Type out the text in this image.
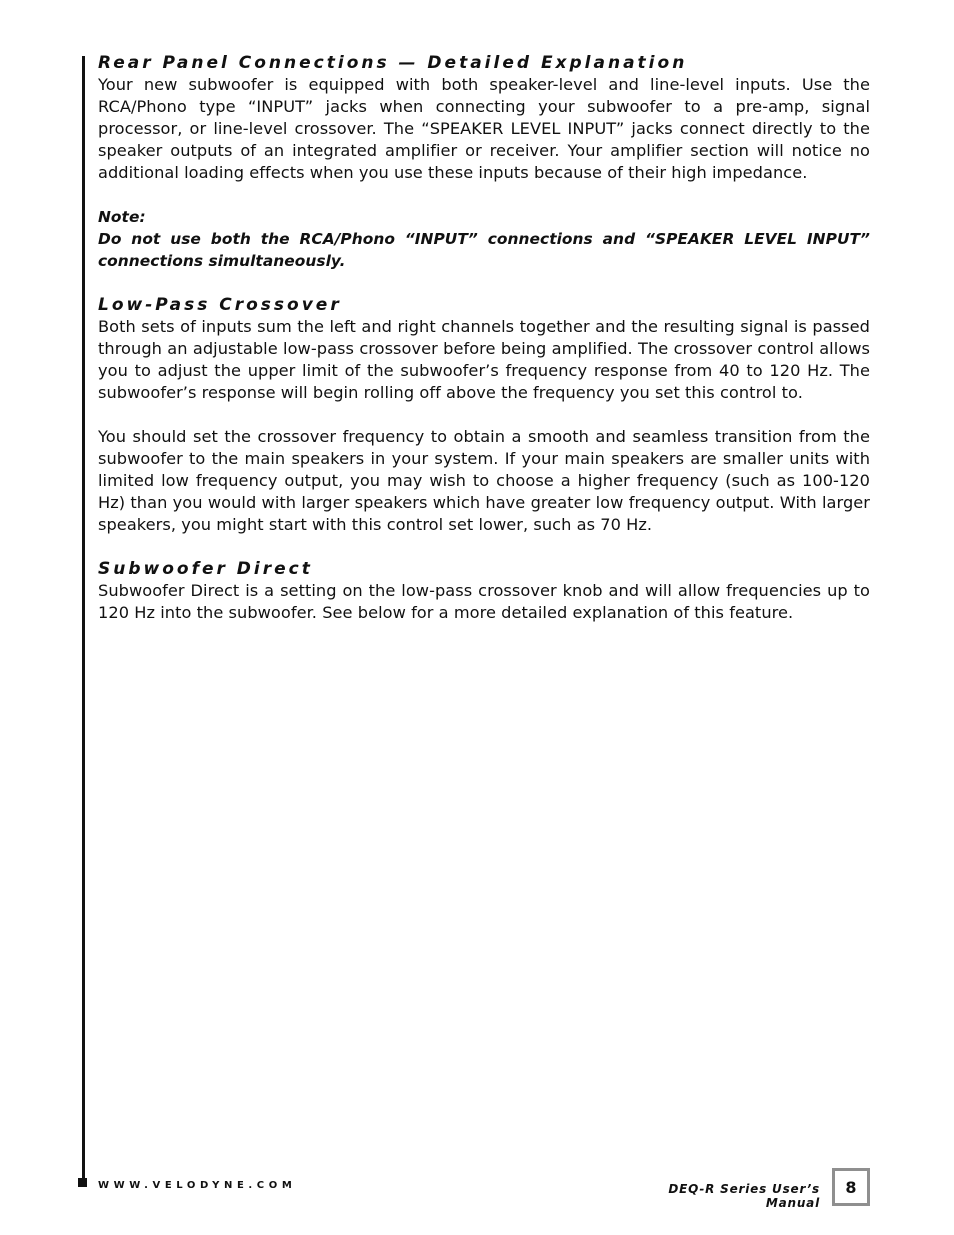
Rear Panel Connections — Detailed Explanation

Your new subwoofer is equipped with both speaker-level and line-level inputs. Use the RCA/Phono type “INPUT” jacks when connecting your subwoofer to a pre-amp, signal processor, or line-level crossover. The “SPEAKER LEVEL INPUT” jacks connect directly to the speaker outputs of an integrated amplifier or receiver. Your amplifier section will notice no additional loading effects when you use these inputs because of their high impedance.

Note:

Do not use both the RCA/Phono “INPUT” connections and “SPEAKER LEVEL INPUT” connections simultaneously.

Low-Pass Crossover

Both sets of inputs sum the left and right channels together and the resulting signal is passed through an adjustable low-pass crossover before being amplified. The crossover control allows you to adjust the upper limit of the subwoofer’s frequency response from 40 to 120 Hz. The subwoofer’s response will begin rolling off above the frequency you set this control to.

You should set the crossover frequency to obtain a smooth and seamless transition from the subwoofer to the main speakers in your system. If your main speakers are smaller units with limited low frequency output, you may wish to choose a higher frequency (such as 100-120 Hz) than you would with larger speakers which have greater low frequency output. With larger speakers, you might start with this control set lower, such as 70 Hz.

Subwoofer Direct

Subwoofer Direct is a setting on the low-pass crossover knob and will allow frequencies up to 120 Hz into the subwoofer. See below for a more detailed explanation of this feature.

WWW.VELODYNE.COM	DEQ-R Series User’s Manual
8
